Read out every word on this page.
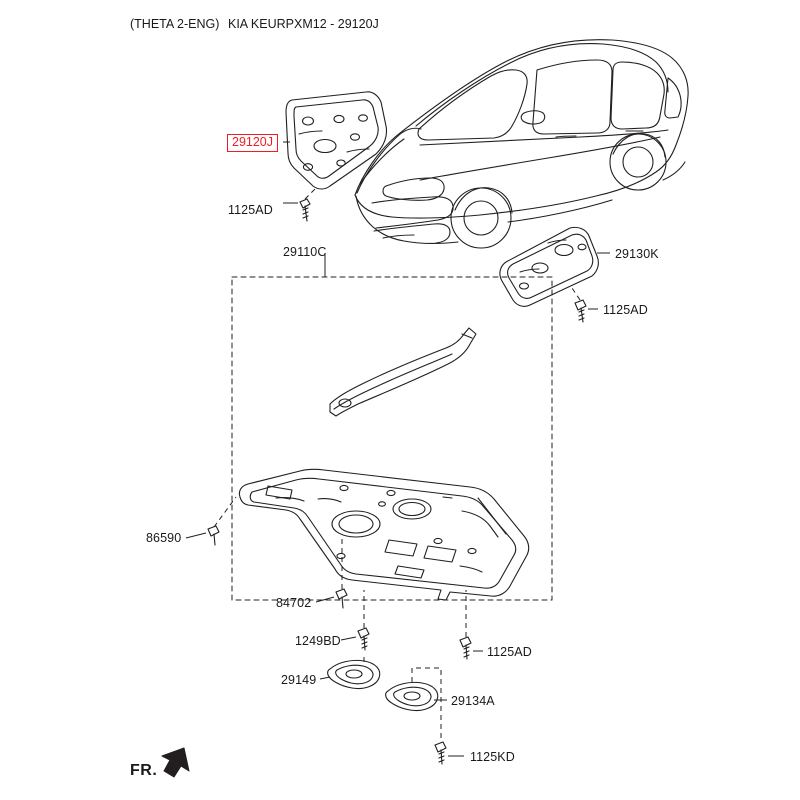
(THETA 2-ENG) KIA KEURPXM12 - 29120J
29120J
1125AD
29110C	29130K
1125AD
86590
84702
1249BD
1125AD
29149
29134A
1125KD
FR.
